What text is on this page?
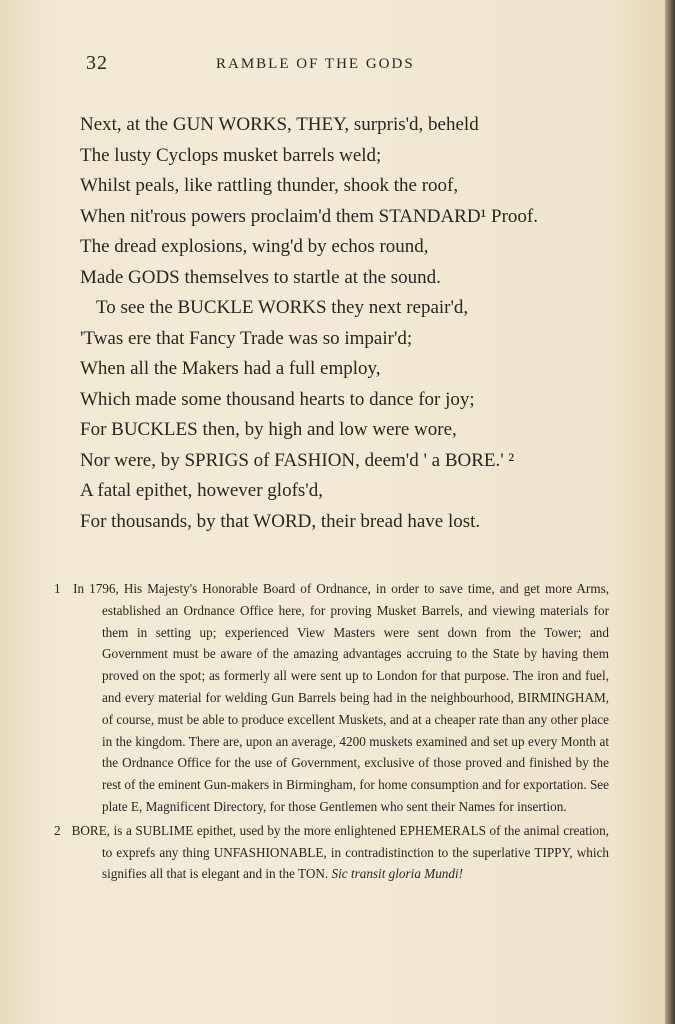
32	RAMBLE OF THE GODS
Next, at the GUN WORKS, THEY, surpris'd, beheld
The lusty Cyclops musket barrels weld;
Whilst peals, like rattling thunder, shook the roof,
When nit'rous powers proclaim'd them STANDARD¹ Proof.
The dread explosions, wing'd by echos round,
Made GODS themselves to startle at the sound.
To see the BUCKLE WORKS they next repair'd,
'Twas ere that Fancy Trade was so impair'd;
When all the Makers had a full employ,
Which made some thousand hearts to dance for joy;
For BUCKLES then, by high and low were wore,
Nor were, by SPRIGS of FASHION, deem'd ' a BORE.' ²
A fatal epithet, however glofs'd,
For thousands, by that WORD, their bread have lost.
1 In 1796, His Majesty's Honorable Board of Ordnance, in order to save time, and get more Arms, established an Ordnance Office here, for proving Musket Barrels, and viewing materials for them in setting up; experienced View Masters were sent down from the Tower; and Government must be aware of the amazing advantages accruing to the State by having them proved on the spot; as formerly all were sent up to London for that purpose. The iron and fuel, and every material for welding Gun Barrels being had in the neighbourhood, BIRMINGHAM, of course, must be able to produce excellent Muskets, and at a cheaper rate than any other place in the kingdom. There are, upon an average, 4200 muskets examined and set up every Month at the Ordnance Office for the use of Government, exclusive of those proved and finished by the rest of the eminent Gun-makers in Birmingham, for home consumption and for exportation. See plate E, Magnificent Directory, for those Gentlemen who sent their Names for insertion.
2 BORE, is a SUBLIME epithet, used by the more enlightened EPHEMERALS of the animal creation, to exprefs any thing UNFASHIONABLE, in contradistinction to the superlative TIPPY, which signifies all that is elegant and in the TON. Sic transit gloria Mundi!
